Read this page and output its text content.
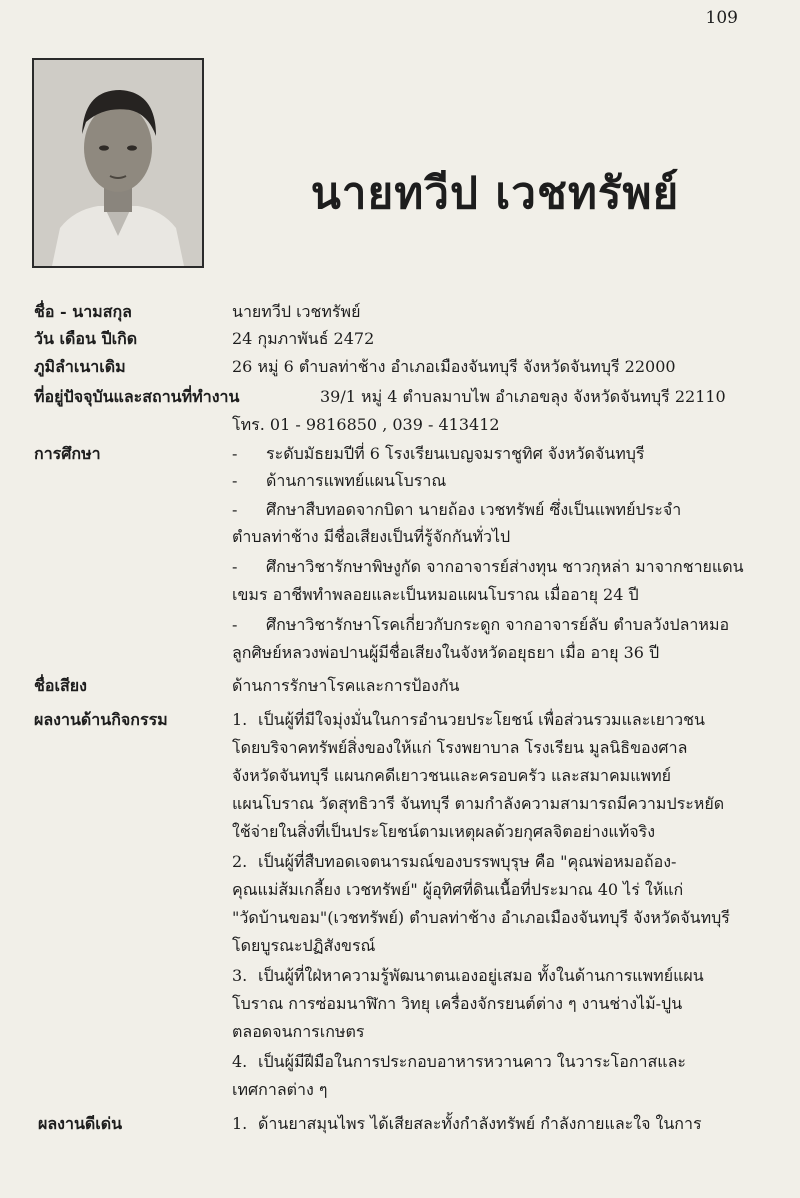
109
นายทวีป เวชทรัพย์
ชื่อ - นามสกุล	นายทวีป เวชทรัพย์
วัน เดือน ปีเกิด	24 กุมภาพันธ์ 2472
ภูมิลำเนาเดิม	26 หมู่ 6 ตำบลท่าช้าง อำเภอเมืองจันทบุรี จังหวัดจันทบุรี 22000
ที่อยู่ปัจจุบันและสถานที่ทำงาน	39/1 หมู่ 4 ตำบลมาบไพ อำเภอขลุง จังหวัดจันทบุรี 22110
โทร. 01 - 9816850 , 039 - 413412
การศึกษา	- ระดับมัธยมปีที่ 6 โรงเรียนเบญจมราชูทิศ จังหวัดจันทบุรี
- ด้านการแพทย์แผนโบราณ
- ศึกษาสืบทอดจากบิดา นายถ้อง เวชทรัพย์ ซึ่งเป็นแพทย์ประจำ
ตำบลท่าช้าง มีชื่อเสียงเป็นที่รู้จักกันทั่วไป
- ศึกษาวิชารักษาพิษงูกัด จากอาจารย์ส่างทุน ชาวกุหล่า มาจากชายแดน
เขมร อาชีพทำพลอยและเป็นหมอแผนโบราณ เมื่ออายุ 24 ปี
- ศึกษาวิชารักษาโรคเกี่ยวกับกระดูก จากอาจารย์ลับ ตำบลวังปลาหมอ
ลูกศิษย์หลวงพ่อปานผู้มีชื่อเสียงในจังหวัดอยุธยา เมื่อ อายุ 36 ปี
ชื่อเสียง	ด้านการรักษาโรคและการป้องกัน
ผลงานด้านกิจกรรม	1. เป็นผู้ที่มีใจมุ่งมั่นในการอำนวยประโยชน์ เพื่อส่วนรวมและเยาวชน
โดยบริจาคทรัพย์สิ่งของให้แก่ โรงพยาบาล โรงเรียน มูลนิธิของศาล
จังหวัดจันทบุรี แผนกคดีเยาวชนและครอบครัว และสมาคมแพทย์
แผนโบราณ วัดสุทธิวารี จันทบุรี ตามกำลังความสามารถมีความประหยัด
ใช้จ่ายในสิ่งที่เป็นประโยชน์ตามเหตุผลด้วยกุศลจิตอย่างแท้จริง
2. เป็นผู้ที่สืบทอดเจตนารมณ์ของบรรพบุรุษ คือ "คุณพ่อหมอถ้อง-
คุณแม่ส้มเกลี้ยง เวชทรัพย์" ผู้อุทิศที่ดินเนื้อที่ประมาณ 40 ไร่ ให้แก่
"วัดบ้านขอม"(เวชทรัพย์) ตำบลท่าช้าง อำเภอเมืองจันทบุรี จังหวัดจันทบุรี
โดยบูรณะปฏิสังขรณ์
3. เป็นผู้ที่ใฝ่หาความรู้พัฒนาตนเองอยู่เสมอ ทั้งในด้านการแพทย์แผน
โบราณ การซ่อมนาฬิกา วิทยุ เครื่องจักรยนต์ต่าง ๆ งานช่างไม้-ปูน
ตลอดจนการเกษตร
4. เป็นผู้มีฝีมือในการประกอบอาหารหวานคาว ในวาระโอกาสและ
เทศกาลต่าง ๆ
ผลงานดีเด่น	1. ด้านยาสมุนไพร ได้เสียสละทั้งกำลังทรัพย์ กำลังกายและใจ ในการ
